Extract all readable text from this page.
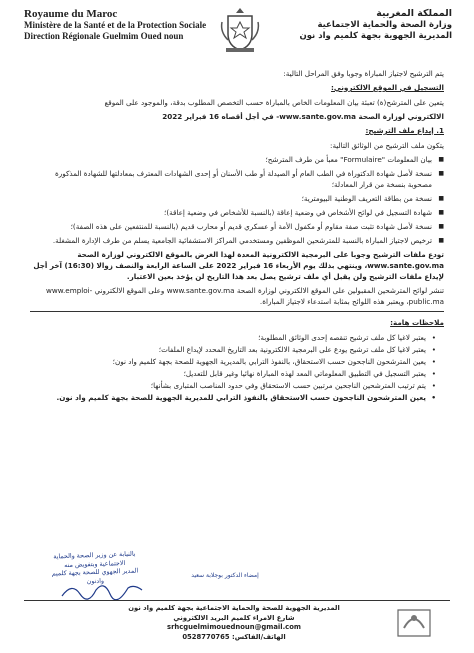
Royaume du Maroc
Ministère de la Santé et de la Protection Sociale
Direction Régionale Guelmim Oued noun
المملكة المغربية
وزارة الصحة والحماية الاجتماعية
المديرية الجهوية بجهة كلميم واد نون

يتم الترشيح لاجتياز المباراة وجوبا وفق المراحل التالية:

التسجيل في الموقع الالكتروني:

يتعين على المترشح(ة) تعبئة بيان المعلومات الخاص بالمباراة حسب التخصص المطلوب بدقة، والموجود على الموقع

الالكتروني لوزارة الصحة www.sante.gov.ma- في أجل أقصاه 16 فبراير 2022

1. إيداع ملف الترشيح:

يتكون ملف الترشيح من الوثائق التالية:

■ بيان المعلومات "Formulaire" معبأ من طرف المترشح؛
■ نسخة لأصل شهادة الدكتوراة في الطب العام أو الصيدلة أو طب الأسنان أو إحدى الشهادات المعترف بمعادلتها للشهادة المذكورة مصحوبة بنسخة من قرار المعادلة؛
■ نسخة من بطاقة التعريف الوطنية البيومترية؛
■ شهادة التسجيل في لوائح الأشخاص في وضعية إعاقة (بالنسبة للأشخاص في وضعية إعاقة)؛
■ نسخة لأصل شهادة تثبت صفة مقاوم أو مكفول الأمة أو عسكري قديم أو محارب قديم (بالنسبة للمنتفعين على هذه الصفة)؛
■ ترخيص لاجتياز المباراة بالنسبة للمترشحين الموظفين ومستخدمي المراكز الاستشفائية الجامعية يسلم من طرف الإدارة المشغلة.

تودع ملفات الترشيح وجوبا على البرمجية الالكترونية المعدة لهذا الغرض بالموقع الالكتروني لوزارة الصحة www.sante.gov.ma، وينتهي بذلك يوم الأربعاء 16 فبراير 2022 على الساعة الرابعة والنصف زوالا (16:30) آخر أجل لإيداع ملفات الترشيح ولن يقبل أي ملف ترشيح يصل بعد هذا التاريخ لن يؤخذ بعين الاعتبار.

تنشر لوائح المترشحين المقبولين على الموقع الالكتروني لوزارة الصحة www.sante.gov.ma وعلى الموقع الالكتروني www.emploi-public.ma، ويعتبر هذه اللوائح بمثابة استدعاء لاجتياز المباراة.

ملاحظات هامة:

• يعتبر لاغيا كل ملف ترشيح تنقصه إحدى الوثائق المطلوبة؛
• يعتبر لاغيا كل ملف ترشيح يودع على البرمجية الالكترونية بعد التاريخ المحدد لإيداع الملفات؛
• يعين المترشحون الناجحون حسب الاستحقاق، بالنفوذ الترابي بالمديرية الجهوية للصحة بجهة كلميم واد نون؛
• يعتبر التسجيل في التطبيق المعلوماتي المعد لهذه المباراة نهائيا وغير قابل للتعديل؛
• يتم ترتيب المترشحين الناجحين مرتبين حسب الاستحقاق وفي حدود المناصب المتبارى بشأنها؛
• يعين المترشحون الناجحون حسب الاستحقاق بالنفوذ الترابي للمديرية الجهوية للصحة بجهة كلميم واد نون.
بالنيابة عن وزير الصحة والحماية
الاجتماعية وبتفويض منه
المدير الجهوي للصحة بجهة كلميم
وادنون
إمضاء الدكتور بوجلابة سعيد
المديرية الجهوية للصحة والحماية الاجتماعية بجهة كلميم واد نون
شارع الامراء كلميم البريد الالكتروني srhcguelmimouednoun@gmail.com
الهاتف/الفاكس: 0528770765
